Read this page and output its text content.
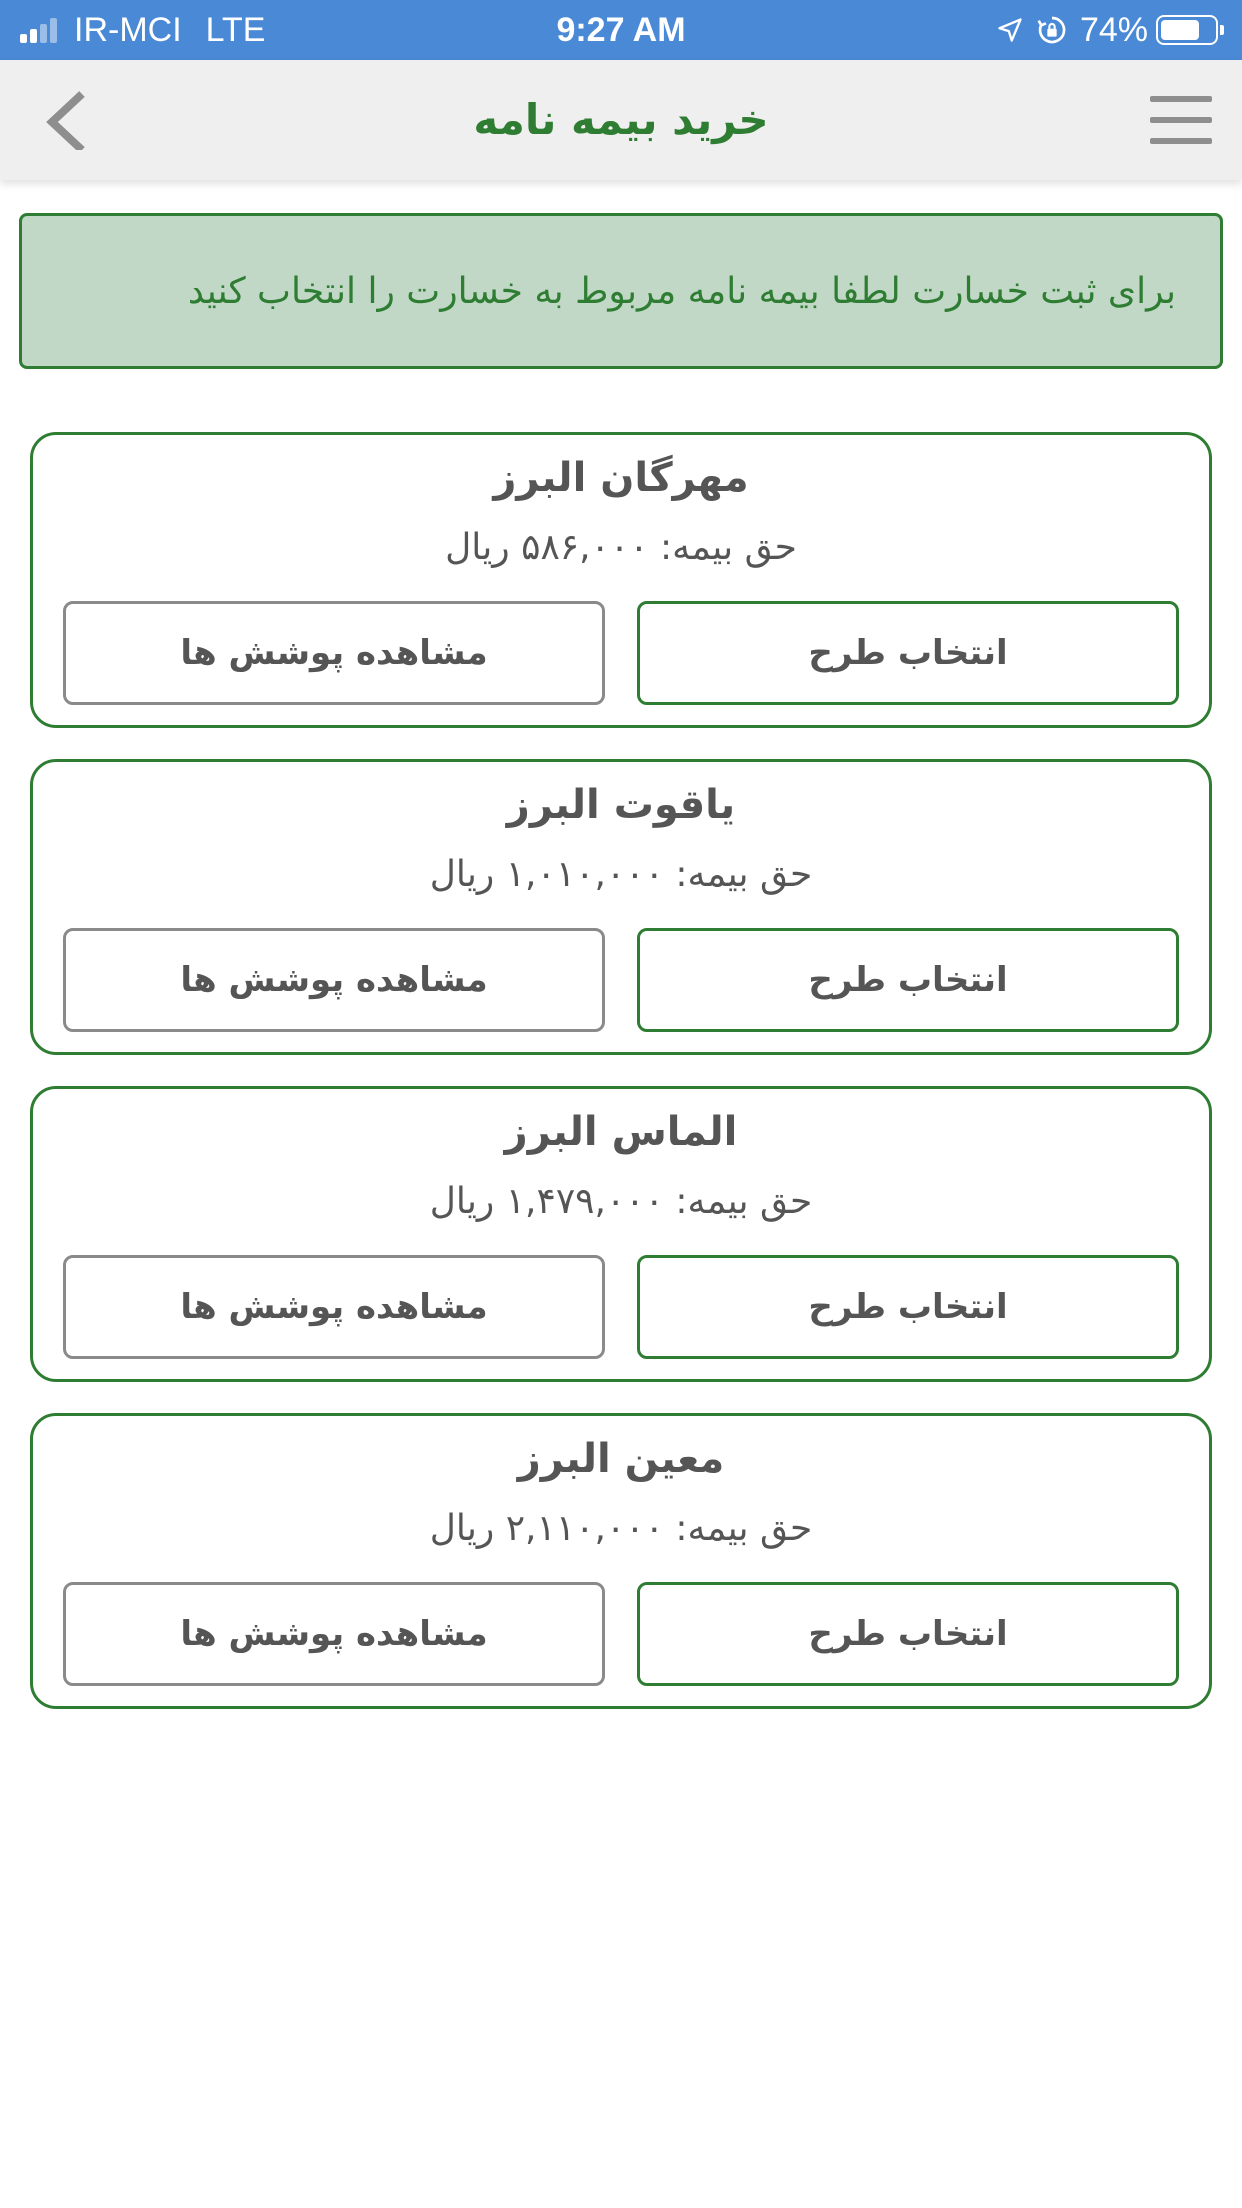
IR-MCI LTE	9:27 AM	74%
خرید بیمه نامه
برای ثبت خسارت لطفا بیمه نامه مربوط به خسارت را انتخاب کنید
مهرگان البرز
حق بیمه: ۵۸۶,۰۰۰ ریال
انتخاب طرح
مشاهده پوشش ها
یاقوت البرز
حق بیمه: ۱,۰۱۰,۰۰۰ ریال
انتخاب طرح
مشاهده پوشش ها
الماس البرز
حق بیمه: ۱,۴۷۹,۰۰۰ ریال
انتخاب طرح
مشاهده پوشش ها
معین البرز
حق بیمه: ۲,۱۱۰,۰۰۰ ریال
انتخاب طرح
مشاهده پوشش ها
